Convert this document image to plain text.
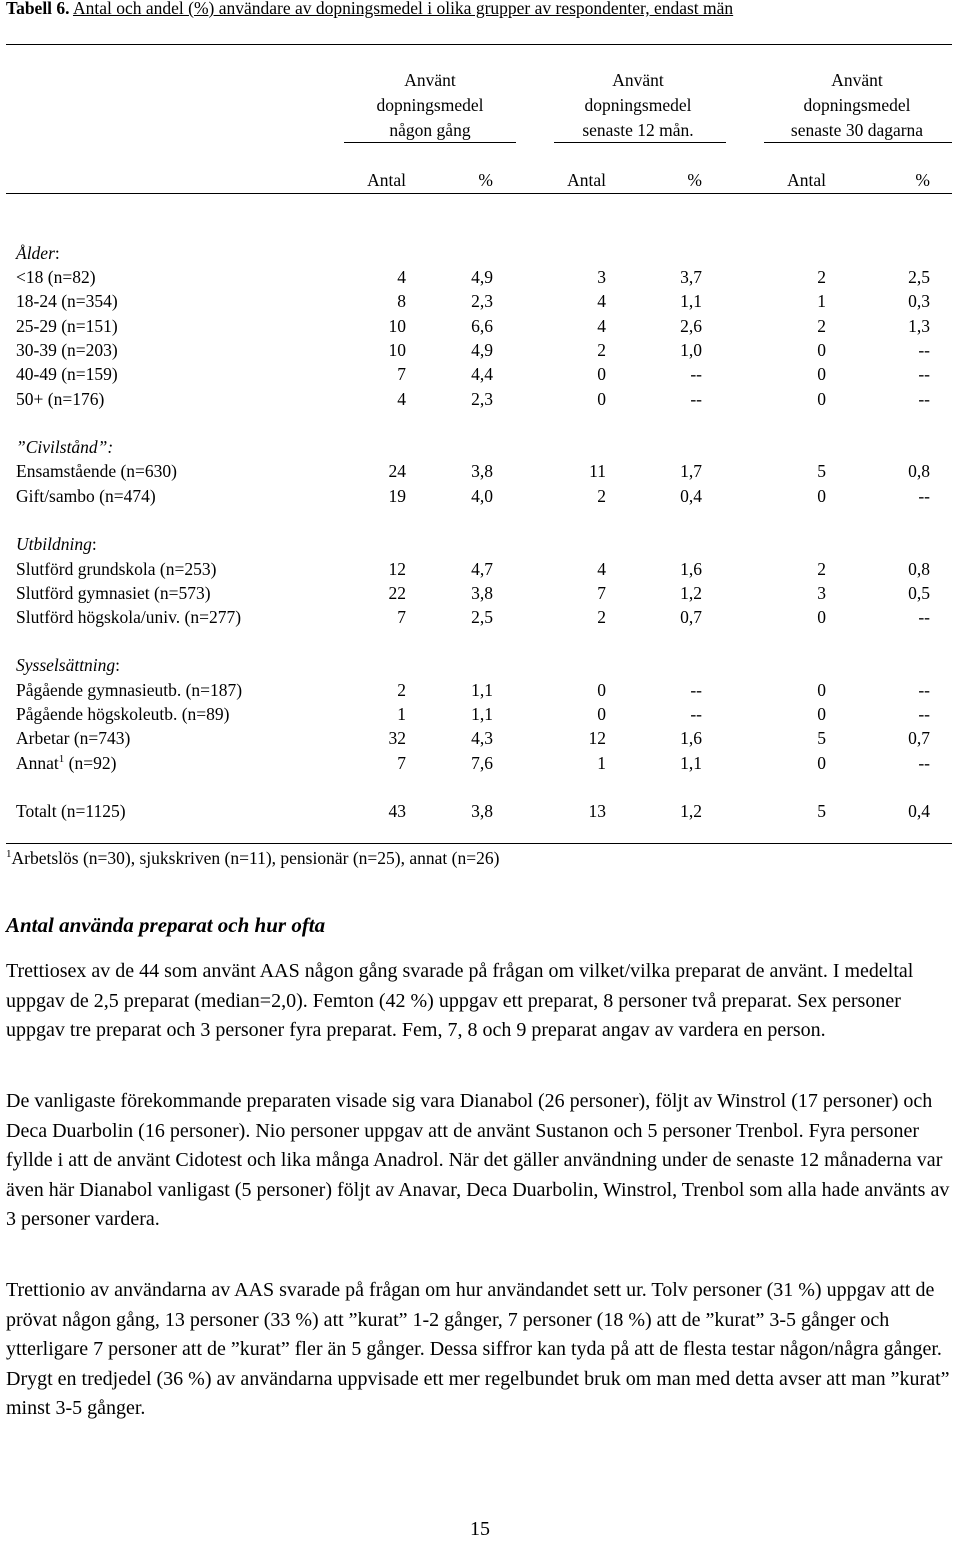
Tabell 6. Antal och andel (%) användare av dopningsmedel i olika grupper av respondenter, endast män
Använt
dopningsmedel
någon gång
Använt
dopningsmedel
senaste 12 mån.
Använt
dopningsmedel
senaste 30 dagarna
Antal	%	Antal	%	Antal	%
Ålder:
<18 (n=82)	4	4,9	3	3,7	2	2,5
18-24 (n=354)	8	2,3	4	1,1	1	0,3
25-29 (n=151)	10	6,6	4	2,6	2	1,3
30-39 (n=203)	10	4,9	2	1,0	0	--
40-49 (n=159)	7	4,4	0	--	0	--
50+ (n=176)	4	2,3	0	--	0	--
”Civilstånd”:
Ensamstående (n=630)	24	3,8	11	1,7	5	0,8
Gift/sambo (n=474)	19	4,0	2	0,4	0	--
Utbildning:
Slutförd grundskola (n=253)	12	4,7	4	1,6	2	0,8
Slutförd gymnasiet (n=573)	22	3,8	7	1,2	3	0,5
Slutförd högskola/univ. (n=277)	7	2,5	2	0,7	0	--
Sysselsättning:
Pågående gymnasieutb. (n=187)	2	1,1	0	--	0	--
Pågående högskoleutb. (n=89)	1	1,1	0	--	0	--
Arbetar (n=743)	32	4,3	12	1,6	5	0,7
Annat$^1$ (n=92)	7	7,6	1	1,1	0	--
Totalt (n=1125)	43	3,8	13	1,2	5	0,4
$^1$Arbetslös (n=30), sjukskriven (n=11), pensionär (n=25), annat (n=26)
Antal använda preparat och hur ofta
Trettiosex av de 44 som använt AAS någon gång svarade på frågan om vilket/vilka preparat de använt. I medeltal uppgav de 2,5 preparat (median=2,0). Femton (42 %) uppgav ett preparat, 8 personer två preparat. Sex personer uppgav tre preparat och 3 personer fyra preparat. Fem, 7, 8 och 9 preparat angav av vardera en person.
De vanligaste förekommande preparaten visade sig vara Dianabol (26 personer), följt av Winstrol (17 personer) och Deca Duarbolin (16 personer). Nio personer uppgav att de använt Sustanon och 5 personer Trenbol. Fyra personer fyllde i att de använt Cidotest och lika många Anadrol. När det gäller användning under de senaste 12 månaderna var även här Dianabol vanligast (5 personer) följt av Anavar, Deca Duarbolin, Winstrol, Trenbol som alla hade använts av 3 personer vardera.
Trettionio av användarna av AAS svarade på frågan om hur användandet sett ur. Tolv personer (31 %) uppgav att de prövat någon gång, 13 personer (33 %) att ”kurat” 1-2 gånger, 7 personer (18 %) att de ”kurat” 3-5 gånger och ytterligare 7 personer att de ”kurat” fler än 5 gånger. Dessa siffror kan tyda på att de flesta testar någon/några gånger. Drygt en tredjedel (36 %) av användarna uppvisade ett mer regelbundet bruk om man med detta avser att man ”kurat” minst 3-5 gånger.
15
